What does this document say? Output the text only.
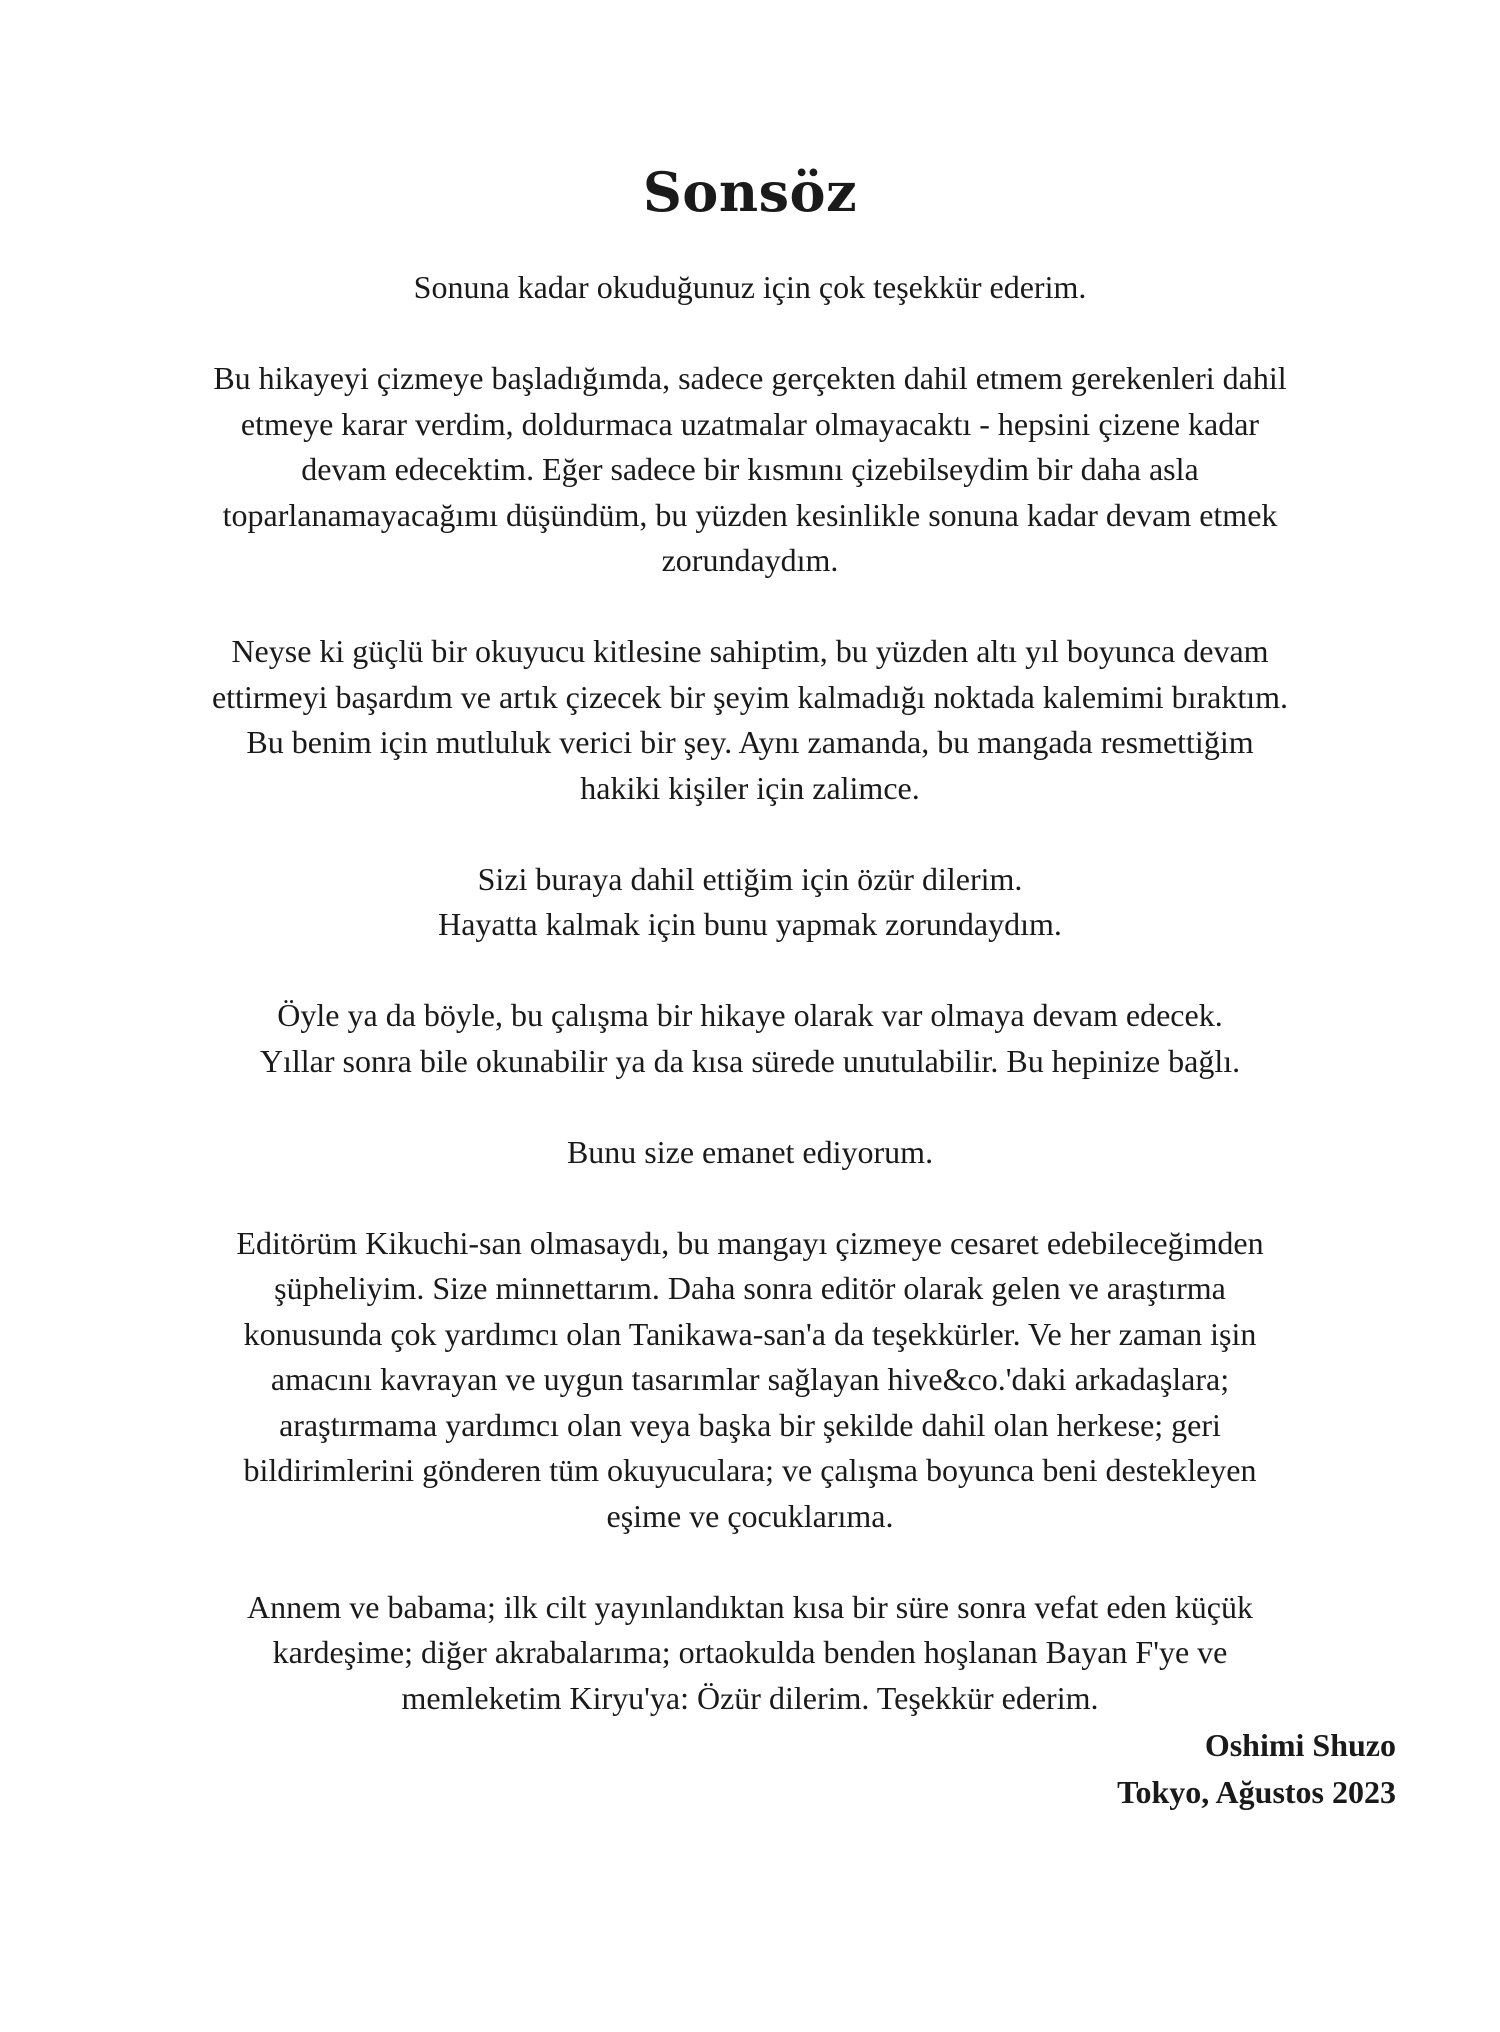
Sonsöz

Sonuna kadar okuduğunuz için çok teşekkür ederim.

Bu hikayeyi çizmeye başladığımda, sadece gerçekten dahil etmem gerekenleri dahil
etmeye karar verdim, doldurmaca uzatmalar olmayacaktı - hepsini çizene kadar
devam edecektim. Eğer sadece bir kısmını çizebilseydim bir daha asla
toparlanamayacağımı düşündüm, bu yüzden kesinlikle sonuna kadar devam etmek
zorundaydım.

Neyse ki güçlü bir okuyucu kitlesine sahiptim, bu yüzden altı yıl boyunca devam
ettirmeyi başardım ve artık çizecek bir şeyim kalmadığı noktada kalemimi bıraktım.
Bu benim için mutluluk verici bir şey. Aynı zamanda, bu mangada resmettiğim
hakiki kişiler için zalimce.

Sizi buraya dahil ettiğim için özür dilerim.
Hayatta kalmak için bunu yapmak zorundaydım.

Öyle ya da böyle, bu çalışma bir hikaye olarak var olmaya devam edecek.
Yıllar sonra bile okunabilir ya da kısa sürede unutulabilir. Bu hepinize bağlı.

Bunu size emanet ediyorum.

Editörüm Kikuchi-san olmasaydı, bu mangayı çizmeye cesaret edebileceğimden
şüpheliyim. Size minnettarım. Daha sonra editör olarak gelen ve araştırma
konusunda çok yardımcı olan Tanikawa-san'a da teşekkürler. Ve her zaman işin
amacını kavrayan ve uygun tasarımlar sağlayan hive&co.'daki arkadaşlara;
araştırmama yardımcı olan veya başka bir şekilde dahil olan herkese; geri
bildirimlerini gönderen tüm okuyuculara; ve çalışma boyunca beni destekleyen
eşime ve çocuklarıma.

Annem ve babama; ilk cilt yayınlandıktan kısa bir süre sonra vefat eden küçük
kardeşime; diğer akrabalarıma; ortaokulda benden hoşlanan Bayan F'ye ve
memleketim Kiryu'ya: Özür dilerim. Teşekkür ederim.

Oshimi Shuzo
Tokyo, Ağustos 2023
